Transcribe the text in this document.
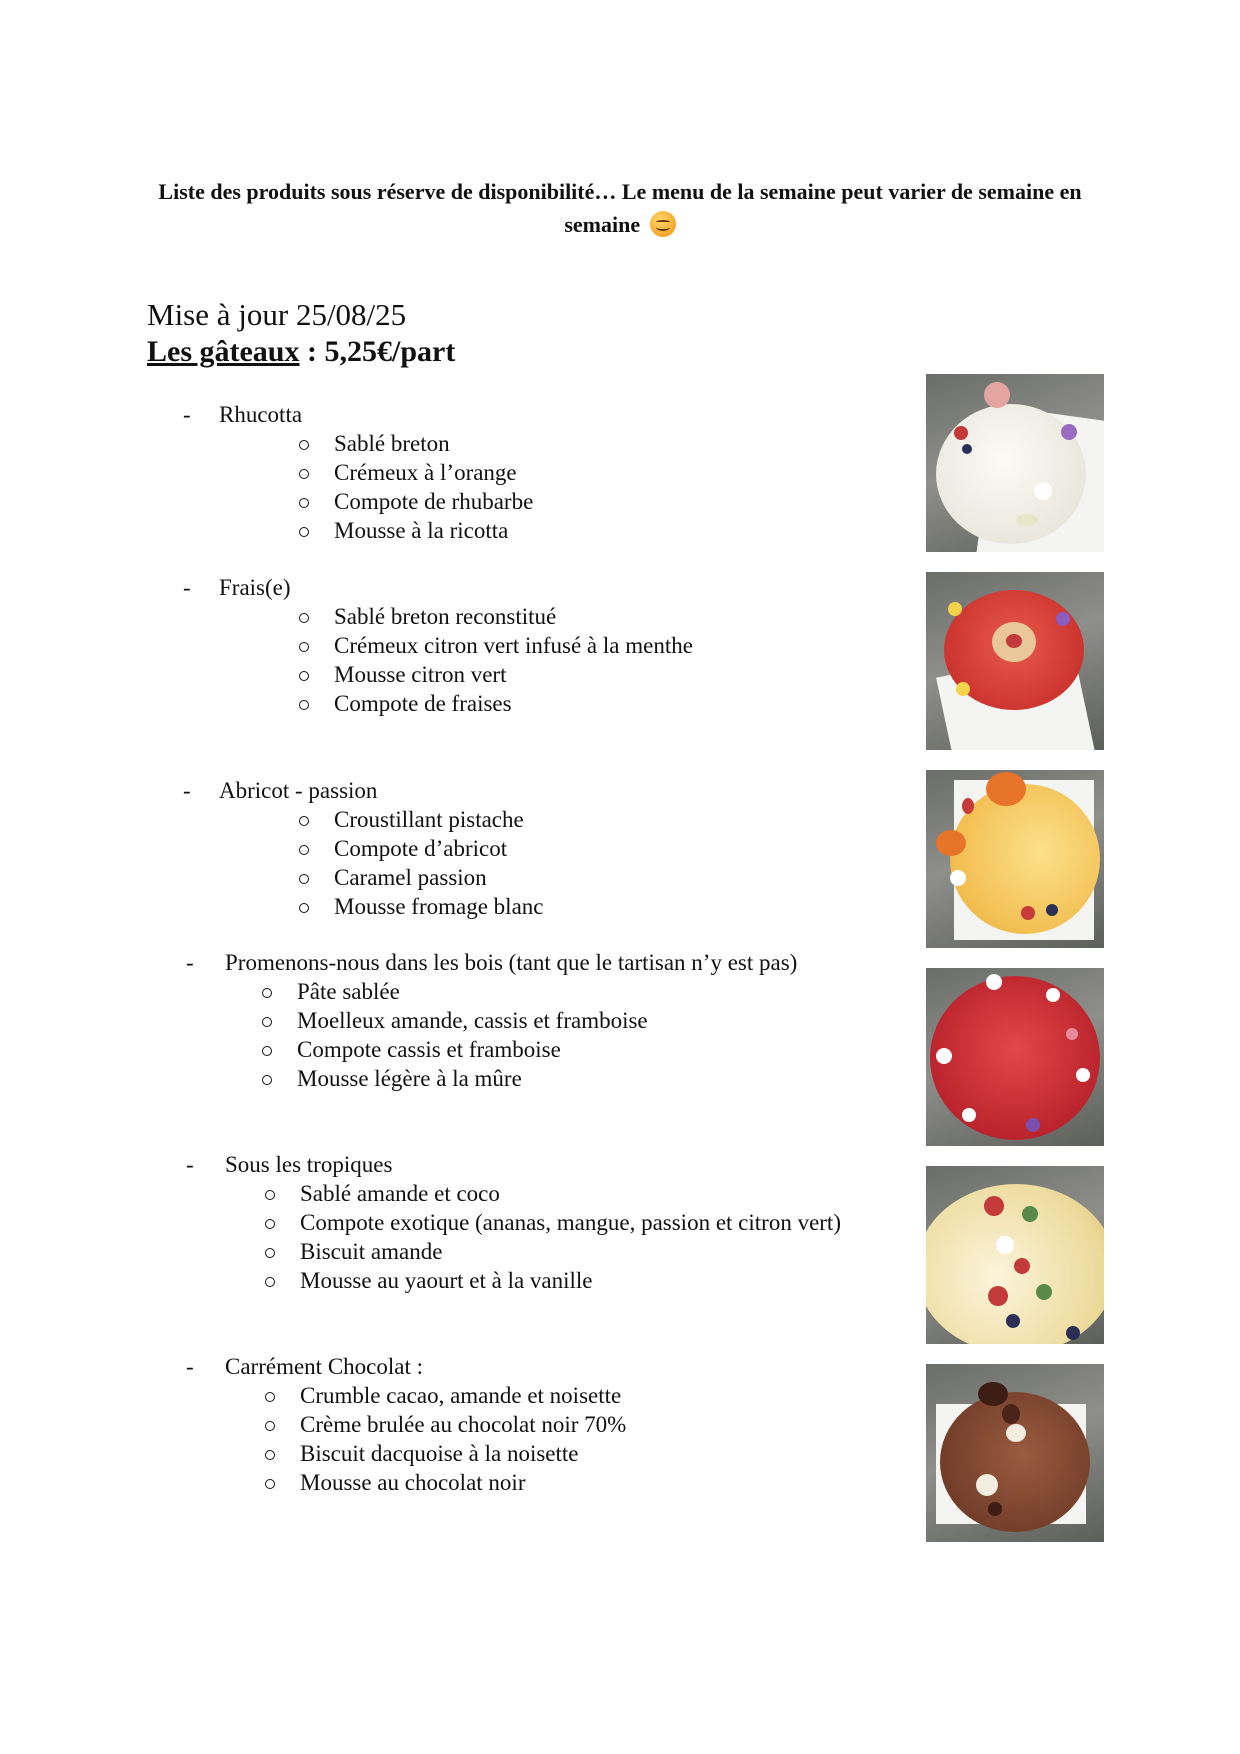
Liste des produits sous réserve de disponibilité… Le menu de la semaine peut varier de semaine en semaine
Mise à jour 25/08/25
Les gâteaux : 5,25€/part
- Rhucotta
Sablé breton
Crémeux à l’orange
Compote de rhubarbe
Mousse à la ricotta
- Frais(e)
Sablé breton reconstitué
Crémeux citron vert infusé à la menthe
Mousse citron vert
Compote de fraises
- Abricot - passion
Croustillant pistache
Compote d’abricot
Caramel passion
Mousse fromage blanc
- Promenons-nous dans les bois (tant que le tartisan n’y est pas)
Pâte sablée
Moelleux amande, cassis et framboise
Compote cassis et framboise
Mousse légère à la mûre
- Sous les tropiques
Sablé amande et coco
Compote exotique (ananas, mangue, passion et citron vert)
Biscuit amande
Mousse au yaourt et à la vanille
- Carrément Chocolat :
Crumble cacao, amande et noisette
Crème brulée au chocolat noir 70%
Biscuit dacquoise à la noisette
Mousse au chocolat noir
